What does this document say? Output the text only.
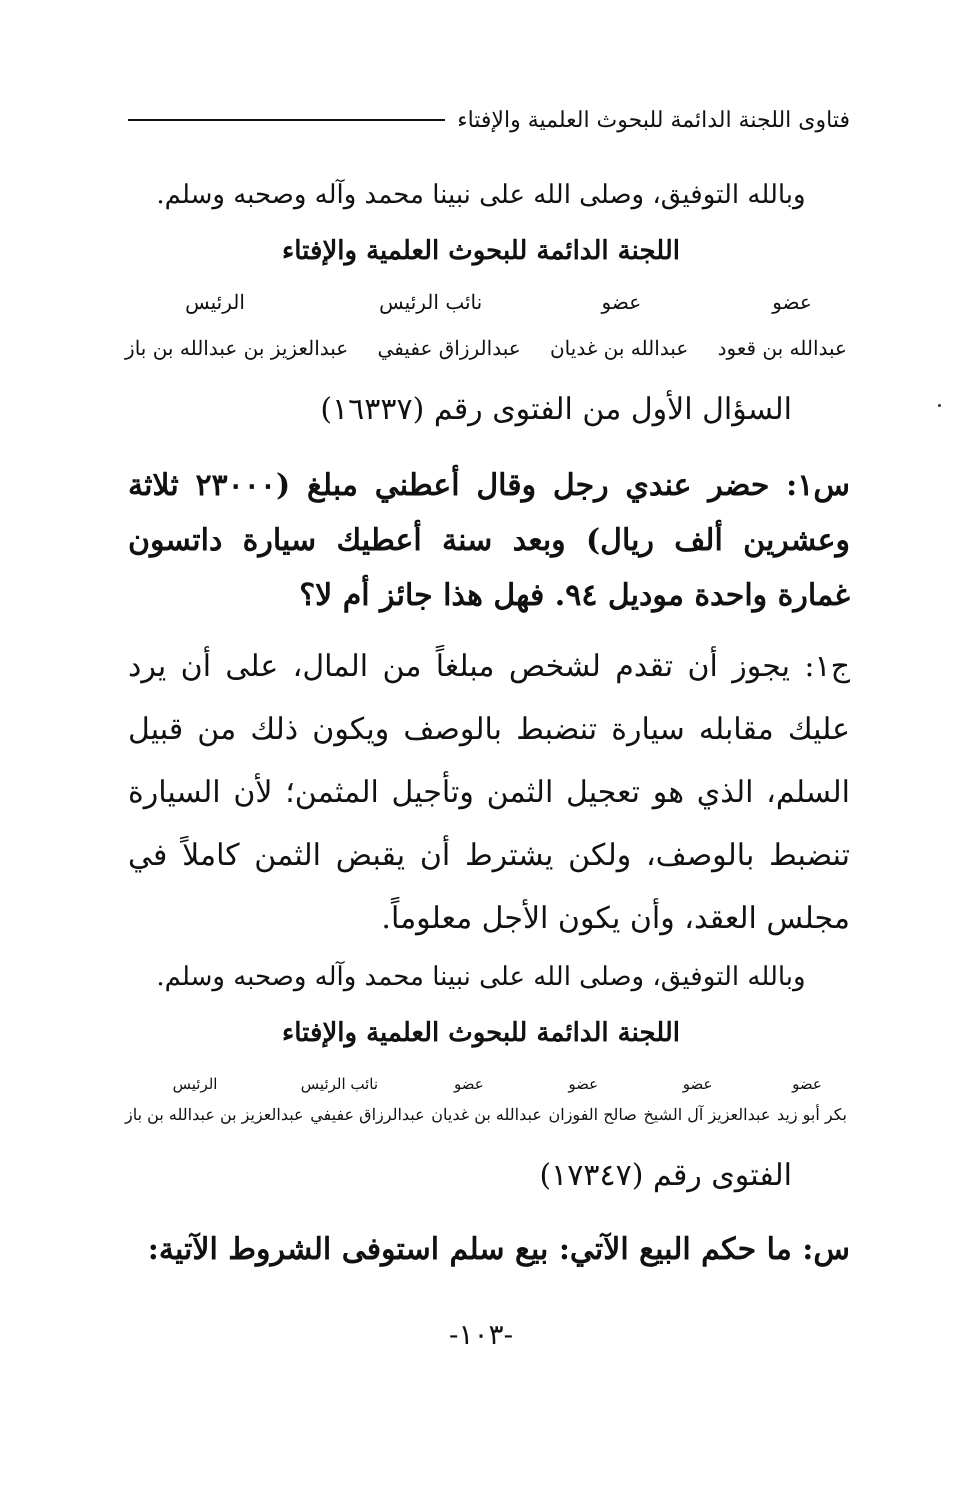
فتاوى اللجنة الدائمة للبحوث العلمية والإفتاء
وبالله التوفيق، وصلى الله على نبينا محمد وآله وصحبه وسلم.
اللجنة الدائمة للبحوث العلمية والإفتاء
عضو
عضو
نائب الرئيس
الرئيس
عبدالله بن قعود
عبدالله بن غديان
عبدالرزاق عفيفي
عبدالعزيز بن عبدالله بن باز
السؤال الأول من الفتوى رقم (١٦٣٣٧)
س١: حضر عندي رجل وقال أعطني مبلغ (٢٣٠٠٠ ثلاثة وعشرين ألف ريال) وبعد سنة أعطيك سيارة داتسون غمارة واحدة موديل ٩٤. فهل هذا جائز أم لا؟
ج١: يجوز أن تقدم لشخص مبلغاً من المال، على أن يرد عليك مقابله سيارة تنضبط بالوصف ويكون ذلك من قبيل السلم، الذي هو تعجيل الثمن وتأجيل المثمن؛ لأن السيارة تنضبط بالوصف، ولكن يشترط أن يقبض الثمن كاملاً في مجلس العقد، وأن يكون الأجل معلوماً.
وبالله التوفيق، وصلى الله على نبينا محمد وآله وصحبه وسلم.
اللجنة الدائمة للبحوث العلمية والإفتاء
عضو
عضو
عضو
عضو
نائب الرئيس
الرئيس
بكر أبو زيد
عبدالعزيز آل الشيخ
صالح الفوزان
عبدالله بن غديان
عبدالرزاق عفيفي
عبدالعزيز بن عبدالله بن باز
الفتوى رقم (١٧٣٤٧)
س: ما حكم البيع الآتي: بيع سلم استوفى الشروط الآتية:
-١٠٣-
